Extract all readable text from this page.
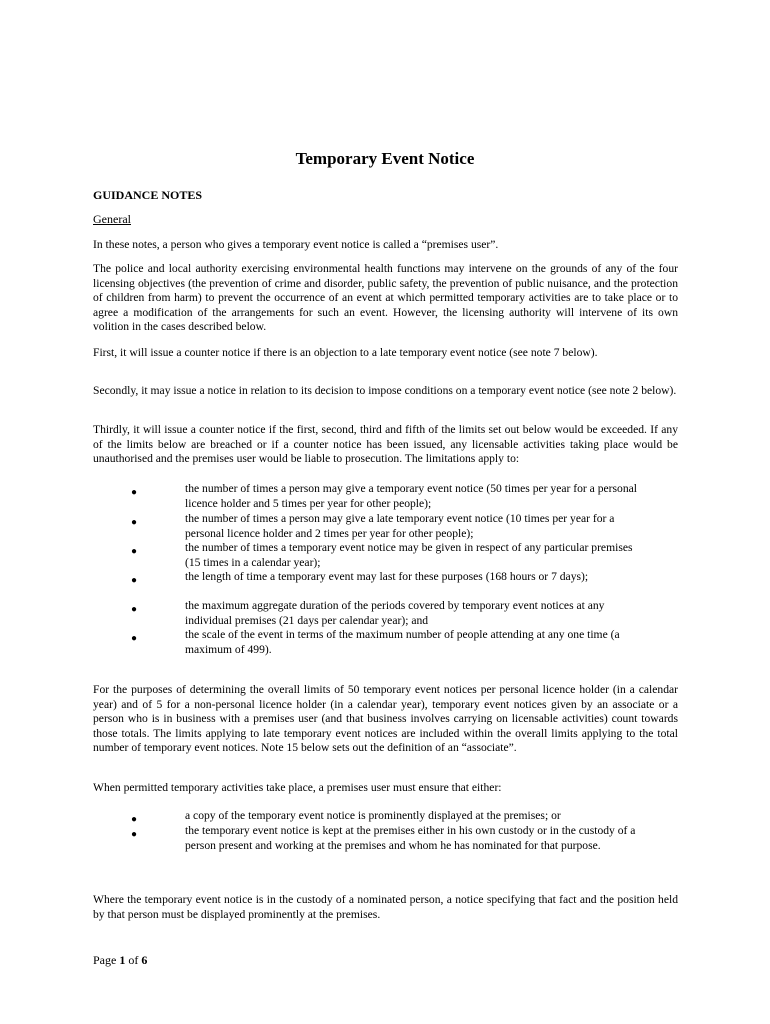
Temporary Event Notice
GUIDANCE NOTES
General
In these notes, a person who gives a temporary event notice is called a “premises user”.
The police and local authority exercising environmental health functions may intervene on the grounds of any of the four licensing objectives (the prevention of crime and disorder, public safety, the prevention of public nuisance, and the protection of children from harm) to prevent the occurrence of an event at which permitted temporary activities are to take place or to agree a modification of the arrangements for such an event. However, the licensing authority will intervene of its own volition in the cases described below.
First, it will issue a counter notice if there is an objection to a late temporary event notice (see note 7 below).
Secondly, it may issue a notice in relation to its decision to impose conditions on a temporary event notice (see note 2 below).
Thirdly, it will issue a counter notice if the first, second, third and fifth of the limits set out below would be exceeded. If any of the limits below are breached or if a counter notice has been issued, any licensable activities taking place would be unauthorised and the premises user would be liable to prosecution. The limitations apply to:
●	the number of times a person may give a temporary event notice (50 times per year for a personal licence holder and 5 times per year for other people);
●	the number of times a person may give a late temporary event notice (10 times per year for a personal licence holder and 2 times per year for other people);
●	the number of times a temporary event notice may be given in respect of any particular premises (15 times in a calendar year);
●	the length of time a temporary event may last for these purposes (168 hours or 7 days);
●	the maximum aggregate duration of the periods covered by temporary event notices at any individual premises (21 days per calendar year); and
●	the scale of the event in terms of the maximum number of people attending at any one time (a maximum of 499).
For the purposes of determining the overall limits of 50 temporary event notices per personal licence holder (in a calendar year) and of 5 for a non-personal licence holder (in a calendar year), temporary event notices given by an associate or a person who is in business with a premises user (and that business involves carrying on licensable activities) count towards those totals. The limits applying to late temporary event notices are included within the overall limits applying to the total number of temporary event notices. Note 15 below sets out the definition of an “associate”.
When permitted temporary activities take place, a premises user must ensure that either:
●	a copy of the temporary event notice is prominently displayed at the premises; or
●	the temporary event notice is kept at the premises either in his own custody or in the custody of a person present and working at the premises and whom he has nominated for that purpose.
Where the temporary event notice is in the custody of a nominated person, a notice specifying that fact and the position held by that person must be displayed prominently at the premises.
Page 1 of 6
